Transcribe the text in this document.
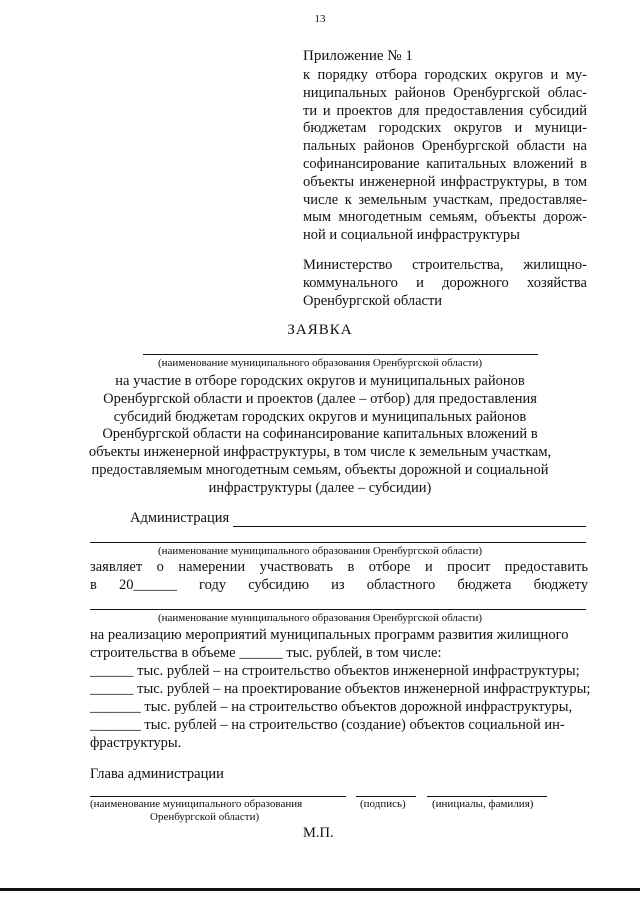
13
Приложение № 1
к порядку отбора городских округов и му-
ниципальных районов Оренбургской облас-
ти и проектов для предоставления субсидий
бюджетам городских округов и муници-
пальных районов Оренбургской области на
софинансирование капитальных вложений в
объекты инженерной инфраструктуры, в том
числе к земельным участкам, предоставляе-
мым многодетным семьям, объекты дорож-
ной и социальной инфраструктуры
Министерство строительства, жилищно-
коммунального и дорожного хозяйства
Оренбургской области
ЗАЯВКА
(наименование муниципального образования Оренбургской области)
на участие в отборе городских округов и муниципальных районов
Оренбургской области и проектов (далее – отбор) для предоставления
субсидий бюджетам городских округов и муниципальных районов
Оренбургской области на софинансирование капитальных вложений в
объекты инженерной инфраструктуры, в том числе к земельным участкам,
предоставляемым многодетным семьям, объекты дорожной и социальной
инфраструктуры (далее – субсидии)
Администрация
(наименование муниципального образования Оренбургской области)
заявляет о намерении участвовать в отборе и просит предоставить
в 20______ году субсидию из областного бюджета бюджету
(наименование муниципального образования Оренбургской области)
на реализацию мероприятий муниципальных программ развития жилищного
строительства в объеме ______ тыс. рублей, в том числе:
______ тыс. рублей – на строительство объектов инженерной инфраструктуры;
______ тыс. рублей – на проектирование объектов инженерной инфраструктуры;
_______ тыс. рублей – на строительство объектов дорожной инфраструктуры,
_______ тыс. рублей – на строительство (создание) объектов социальной ин-
фраструктуры.
Глава администрации
(наименование муниципального образования
Оренбургской области)
(подпись) (инициалы, фамилия)
М.П.
